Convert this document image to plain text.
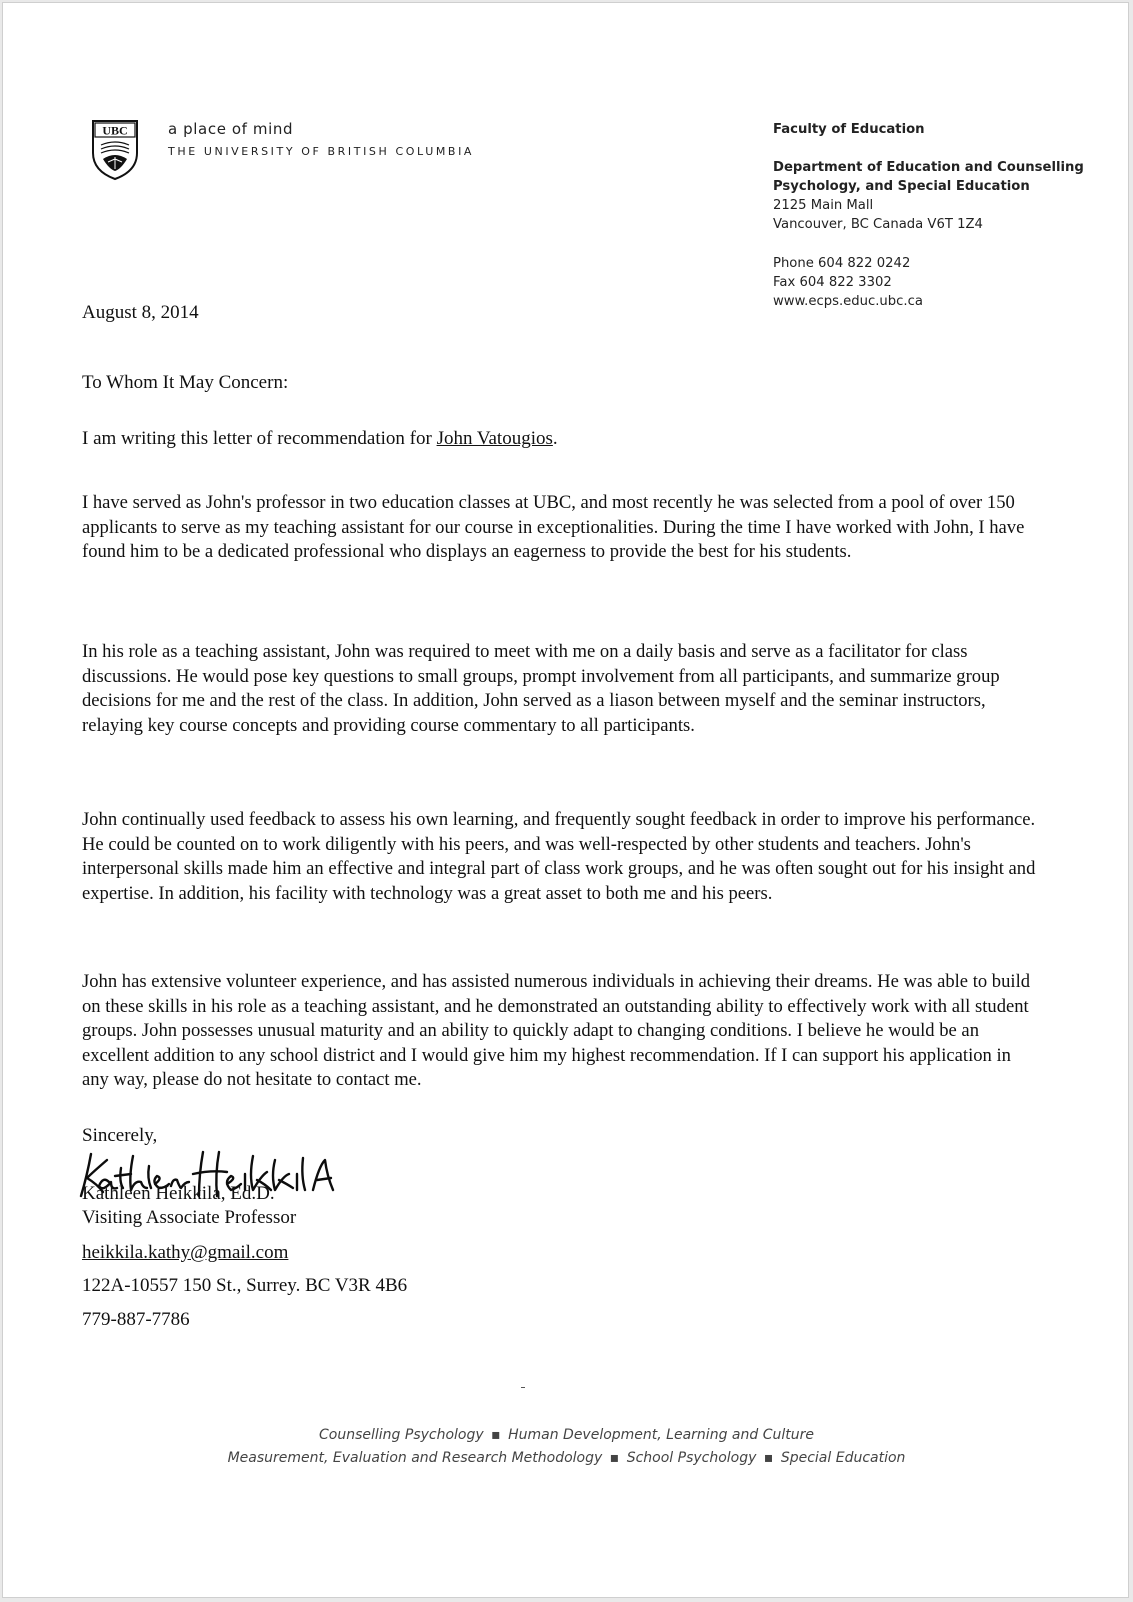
UBC	a place of mind
THE UNIVERSITY OF BRITISH COLUMBIA
Faculty of Education
Department of Education and Counselling
Psychology, and Special Education
2125 Main Mall
Vancouver, BC Canada V6T 1Z4
Phone 604 822 0242
Fax 604 822 3302
www.ecps.educ.ubc.ca
August 8, 2014
To Whom It May Concern:
I am writing this letter of recommendation for John Vatougios.

I have served as John's professor in two education classes at UBC, and most recently he was selected from a pool of over 150 applicants to serve as my teaching assistant for our course in exceptionalities. During the time I have worked with John, I have found him to be a dedicated professional who displays an eagerness to provide the best for his students.

In his role as a teaching assistant, John was required to meet with me on a daily basis and serve as a facilitator for class discussions. He would pose key questions to small groups, prompt involvement from all participants, and summarize group decisions for me and the rest of the class. In addition, John served as a liason between myself and the seminar instructors, relaying key course concepts and providing course commentary to all participants.

John continually used feedback to assess his own learning, and frequently sought feedback in order to improve his performance. He could be counted on to work diligently with his peers, and was well-respected by other students and teachers. John's interpersonal skills made him an effective and integral part of class work groups, and he was often sought out for his insight and expertise. In addition, his facility with technology was a great asset to both me and his peers.

John has extensive volunteer experience, and has assisted numerous individuals in achieving their dreams. He was able to build on these skills in his role as a teaching assistant, and he demonstrated an outstanding ability to effectively work with all student groups. John possesses unusual maturity and an ability to quickly adapt to changing conditions. I believe he would be an excellent addition to any school district and I would give him my highest recommendation. If I can support his application in any way, please do not hesitate to contact me.

Sincerely,
Kathleen Heikkila, Ed.D.
Visiting Associate Professor
heikkila.kathy@gmail.com
122A-10557 150 St., Surrey. BC V3R 4B6
779-887-7786
Counselling Psychology ▪ Human Development, Learning and Culture
Measurement, Evaluation and Research Methodology ▪ School Psychology ▪ Special Education
